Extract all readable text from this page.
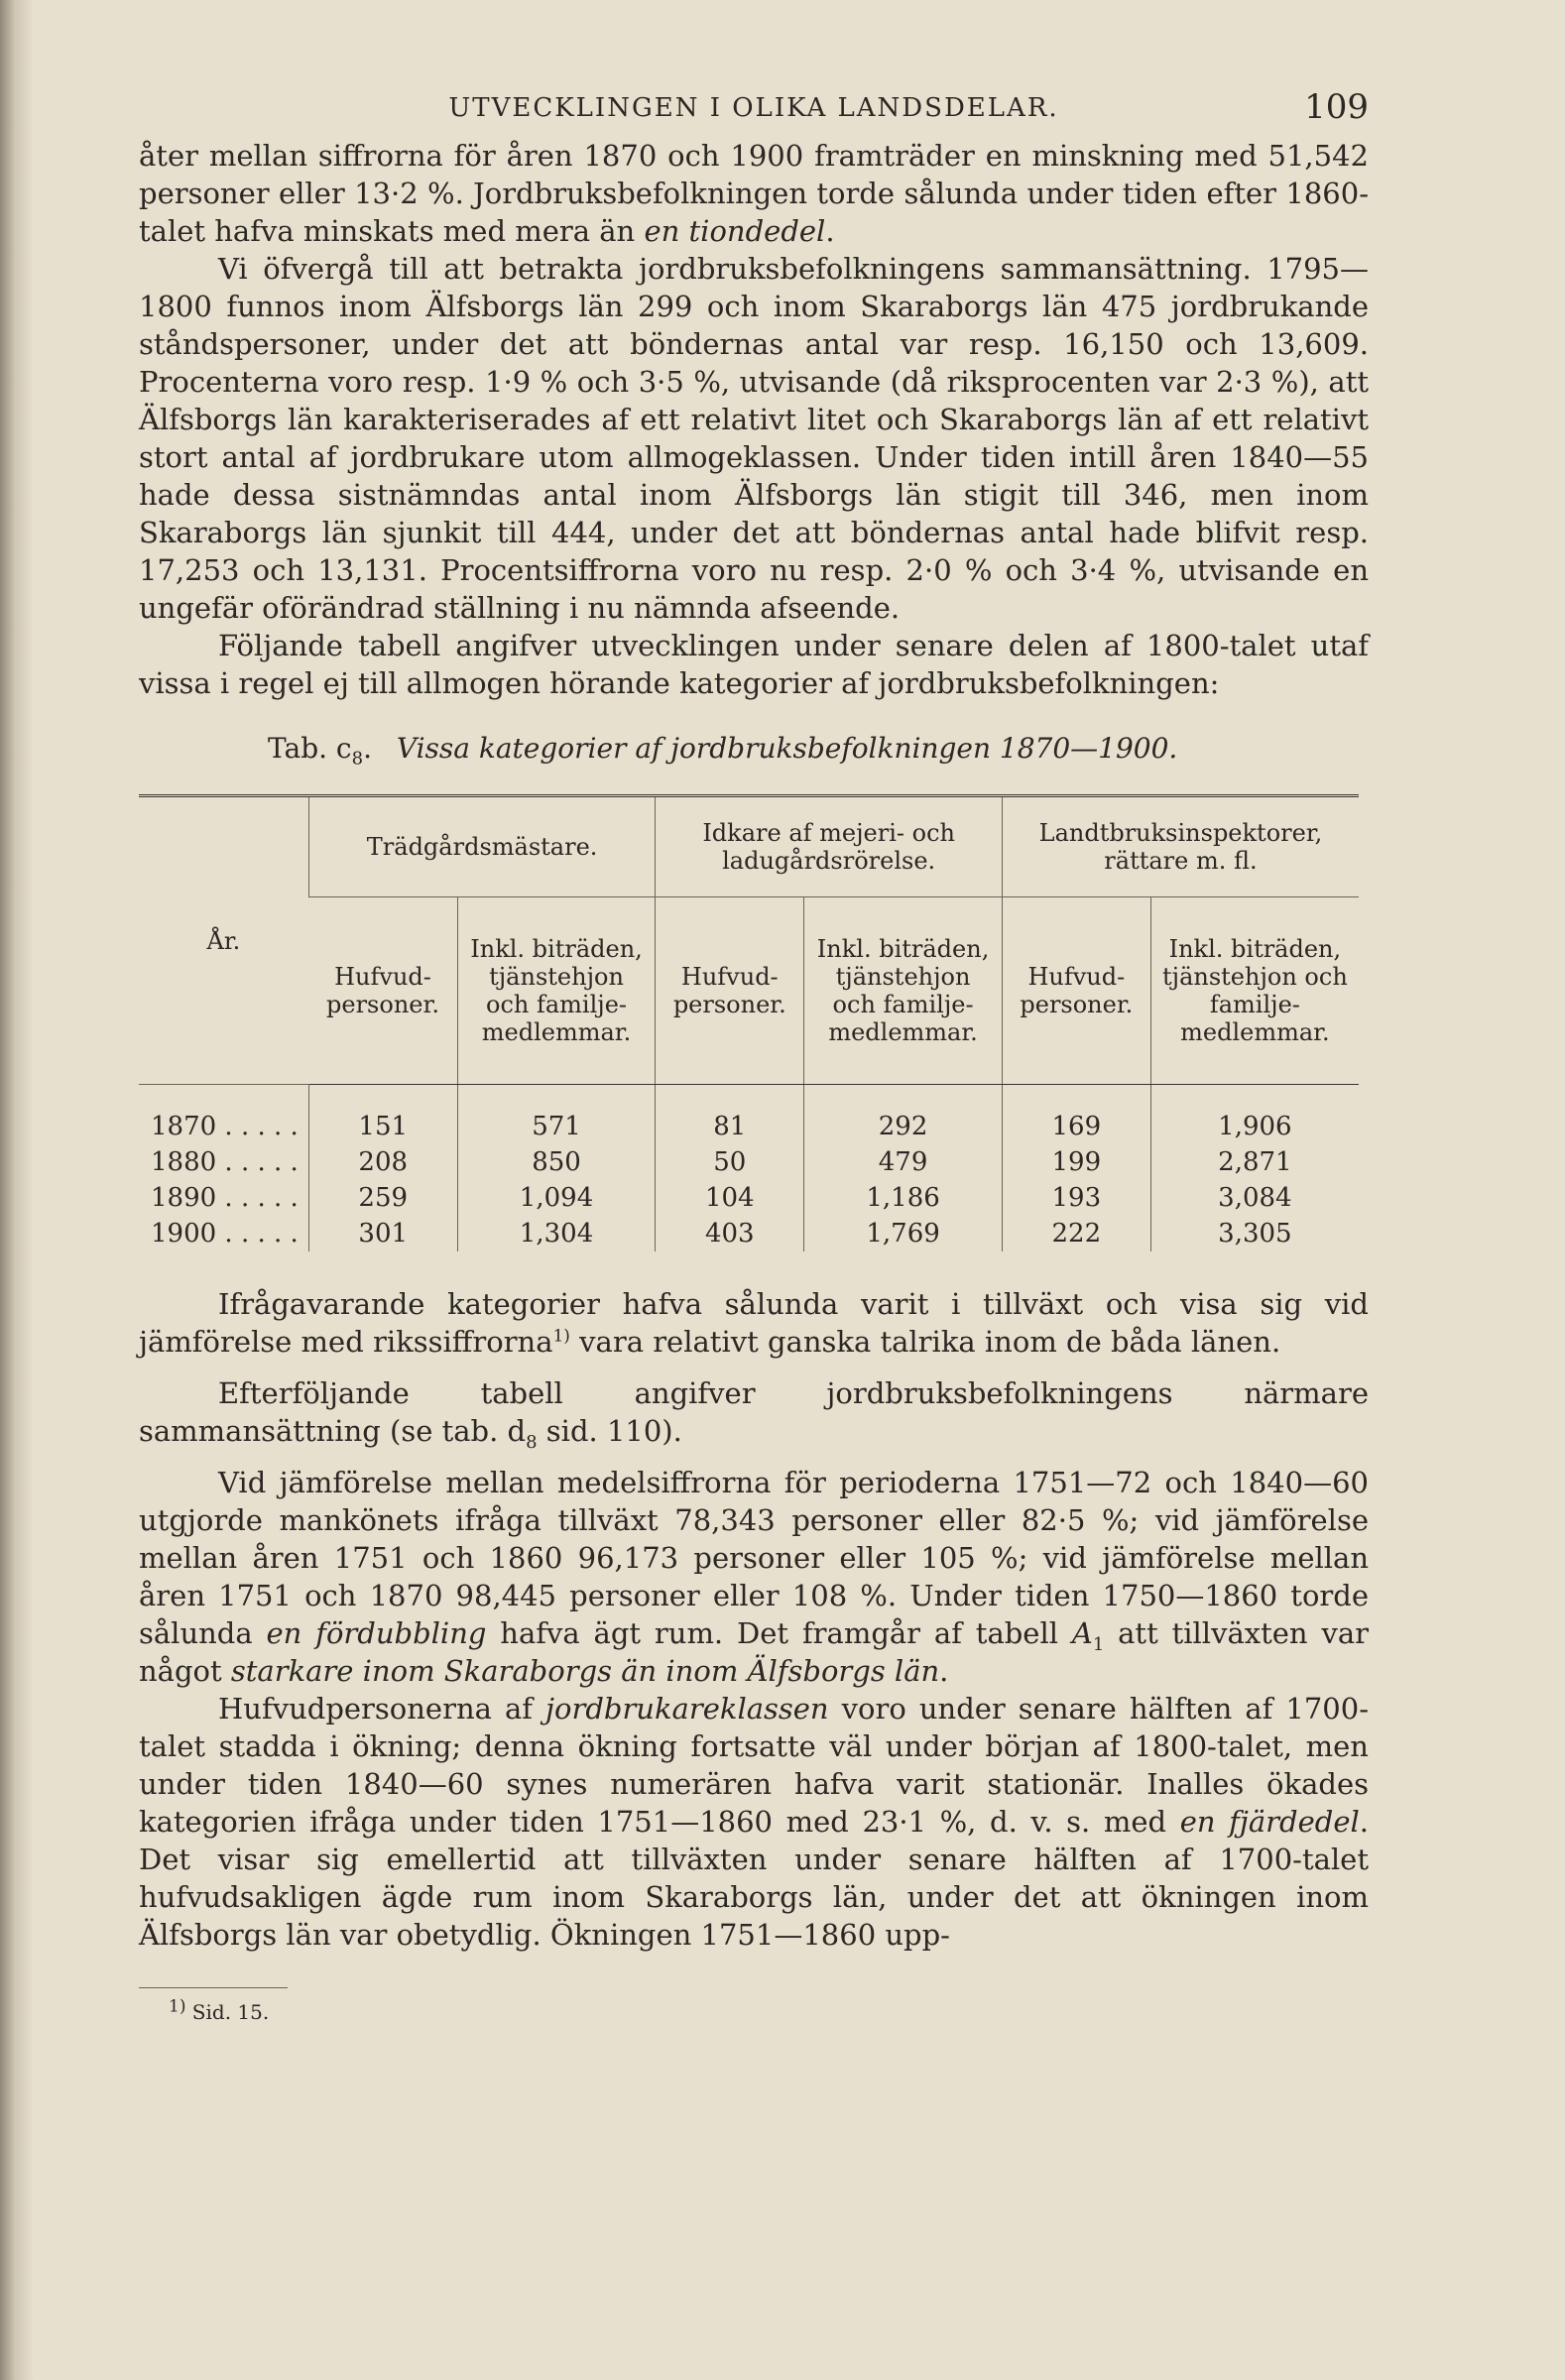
UTVECKLINGEN I OLIKA LANDSDELAR.	109

åter mellan siffrorna för åren 1870 och 1900 framträder en minskning med 51,542 personer eller 13·2 %. Jordbruksbefolkningen torde sålunda under tiden efter 1860-talet hafva minskats med mera än en tiondedel.

Vi öfvergå till att betrakta jordbruksbefolkningens sammansättning. 1795—1800 funnos inom Älfsborgs län 299 och inom Skaraborgs län 475 jordbrukande ståndspersoner, under det att böndernas antal var resp. 16,150 och 13,609. Procenterna voro resp. 1·9 % och 3·5 %, utvisande (då riksprocenten var 2·3 %), att Älfsborgs län karakteriserades af ett relativt litet och Skaraborgs län af ett relativt stort antal af jordbrukare utom allmogeklassen. Under tiden intill åren 1840—55 hade dessa sistnämndas antal inom Älfsborgs län stigit till 346, men inom Skaraborgs län sjunkit till 444, under det att böndernas antal hade blifvit resp. 17,253 och 13,131. Procentsiffrorna voro nu resp. 2·0 % och 3·4 %, utvisande en ungefär oförändrad ställning i nu nämnda afseende.

Följande tabell angifver utvecklingen under senare delen af 1800-talet utaf vissa i regel ej till allmogen hörande kategorier af jordbruksbefolkningen:

Tab. $c_8$. Vissa kategorier af jordbruksbefolkningen 1870—1900.
År.	Trädgårdsmästare.		Idkare af mejeri- och ladugårdsrörelse.		Landtbruksinspektorer, rättare m. fl.	
	Hufvud-personer.	Inkl. biträden, tjänstehjon och familje-medlemmar.	Hufvud-personer.	Inkl. biträden, tjänstehjon och familje-medlemmar.	Hufvud-personer.	Inkl. biträden, tjänstehjon och familje-medlemmar.

1870 . . . . .	151	571	81	292	169	1,906
1880 . . . . .	208	850	50	479	199	2,871
1890 . . . . .	259	1,094	104	1,186	193	3,084
1900 . . . . .	301	1,304	403	1,769	222	3,305

Ifrågavarande kategorier hafva sålunda varit i tillväxt och visa sig vid jämförelse med rikssiffrorna$^{1)}$ vara relativt ganska talrika inom de båda länen.

Efterföljande tabell angifver jordbruksbefolkningens närmare sammansättning (se tab. $d_8$ sid. 110).

Vid jämförelse mellan medelsiffrorna för perioderna 1751—72 och 1840—60 utgjorde mankönets ifråga tillväxt 78,343 personer eller 82·5 %; vid jämförelse mellan åren 1751 och 1860 96,173 personer eller 105 %; vid jämförelse mellan åren 1751 och 1870 98,445 personer eller 108 %. Under tiden 1750—1860 torde sålunda en fördubbling hafva ägt rum. Det framgår af tabell $A_1$ att tillväxten var något starkare inom Skaraborgs än inom Älfsborgs län.

Hufvudpersonerna af jordbrukareklassen voro under senare hälften af 1700-talet stadda i ökning; denna ökning fortsatte väl under början af 1800-talet, men under tiden 1840—60 synes numerären hafva varit stationär. Inalles ökades kategorien ifråga under tiden 1751—1860 med 23·1 %, d. v. s. med en fjärdedel. Det visar sig emellertid att tillväxten under senare hälften af 1700-talet hufvudsakligen ägde rum inom Skaraborgs län, under det att ökningen inom Älfsborgs län var obetydlig. Ökningen 1751—1860 upp-

$^{1)}$ Sid. 15.
